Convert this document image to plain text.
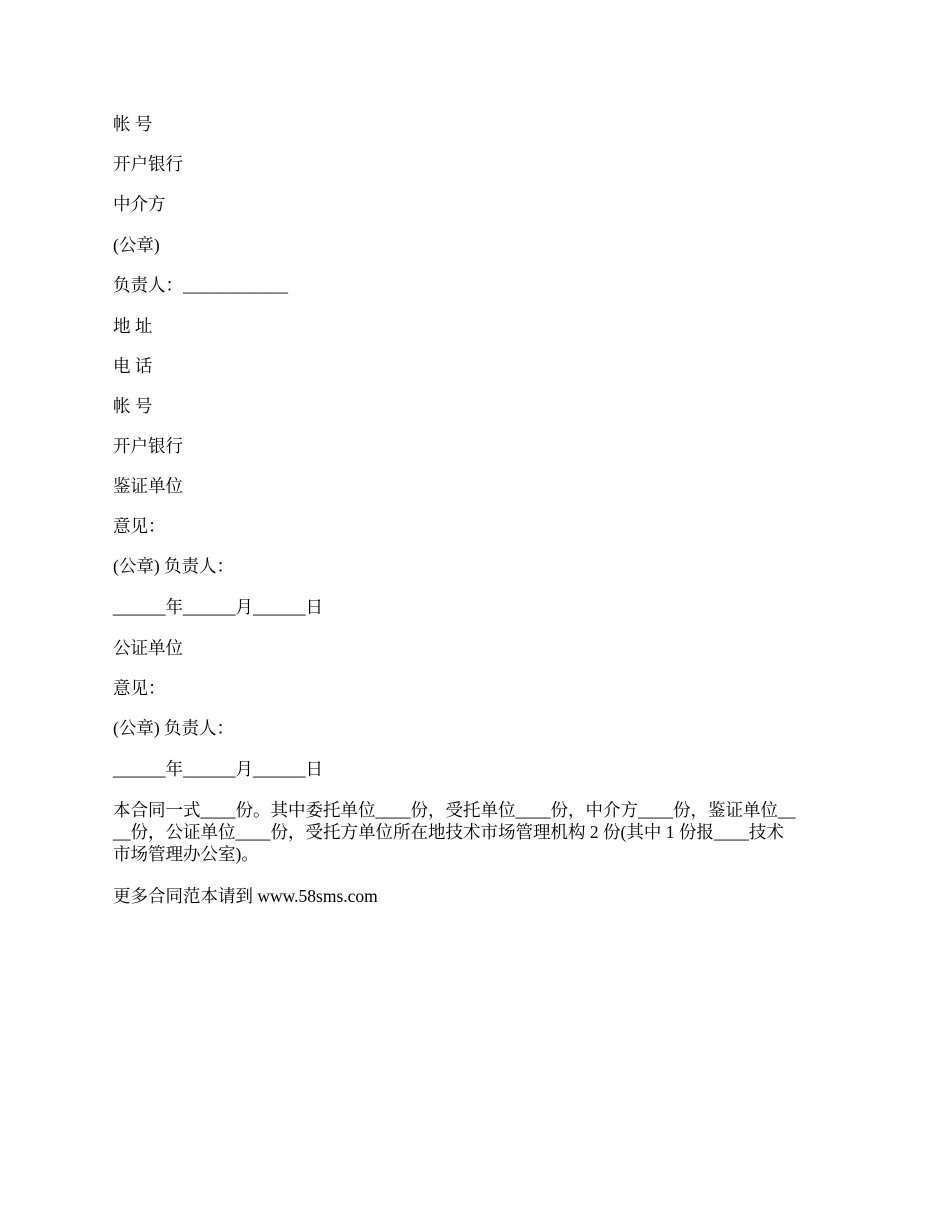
帐 号
开户银行
中介方
(公章)
负责人：____________
地 址
电 话
帐 号
开户银行
鉴证单位
意见：
(公章) 负责人：
______年______月______日
公证单位
意见：
(公章) 负责人：
______年______月______日
本合同一式____份。其中委托单位____份，受托单位____份，中介方____份，鉴证单位__
__份，公证单位____份，受托方单位所在地技术市场管理机构 2 份(其中 1 份报____技术
市场管理办公室)。
更多合同范本请到 www.58sms.com
